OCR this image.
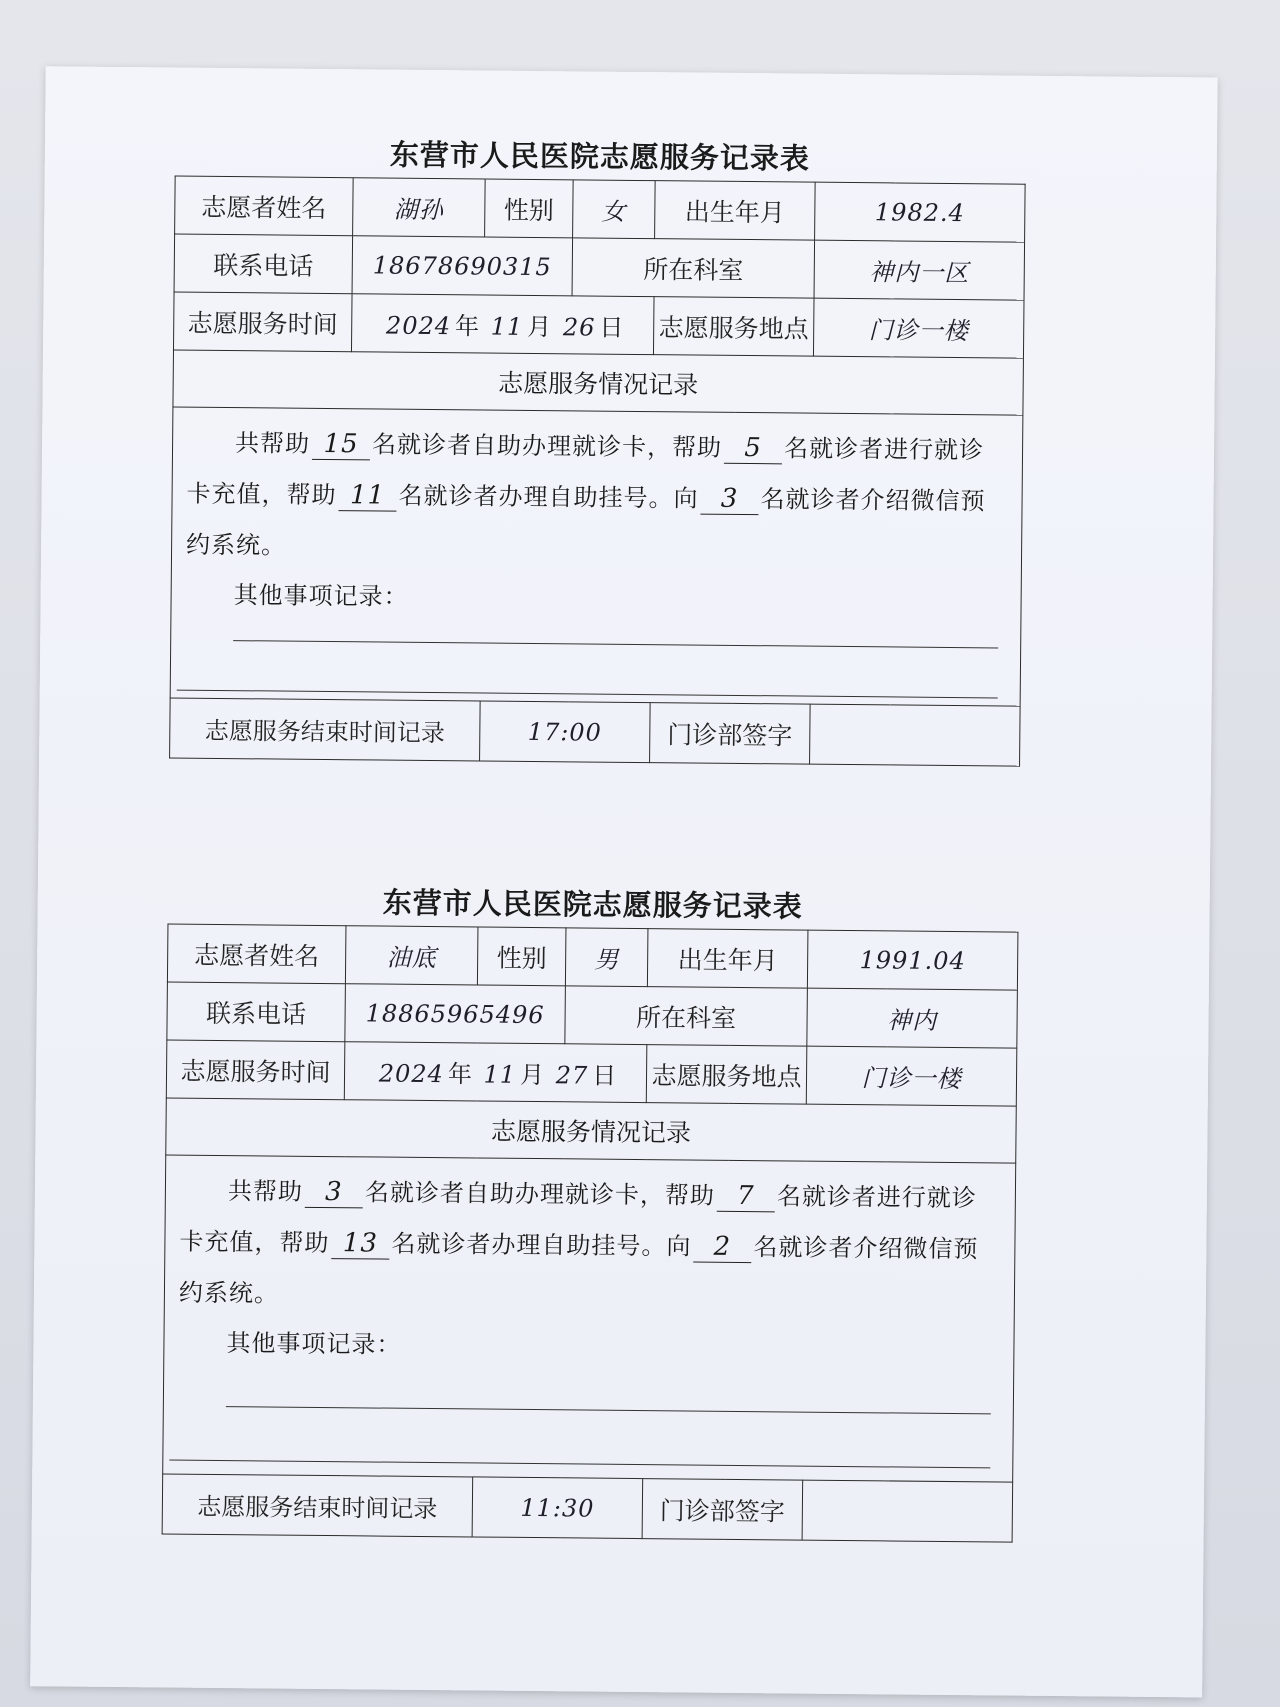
东营市人民医院志愿服务记录表
志愿者姓名	湖孙	性别	女	出生年月	1982.4
联系电话	18678690315		所在科室		神内一区
志愿服务时间	2024 年 11 月 26 日			志愿服务地点	门诊一楼
志愿服务情况记录					

共帮助 15 名就诊者自助办理就诊卡，帮助 5 名就诊者进行就诊卡充值，帮助 11 名就诊者办理自助挂号。向 3 名就诊者介绍微信预约系统。
其他事项记录：					

志愿服务结束时间记录		17:00		门诊部签字	
东营市人民医院志愿服务记录表
志愿者姓名	油底	性别	男	出生年月	1991.04
联系电话	18865965496		所在科室		神内
志愿服务时间	2024 年 11 月 27 日			志愿服务地点	门诊一楼
志愿服务情况记录					

共帮助 3 名就诊者自助办理就诊卡，帮助 7 名就诊者进行就诊卡充值，帮助 13 名就诊者办理自助挂号。向 2 名就诊者介绍微信预约系统。
其他事项记录：					

志愿服务结束时间记录		11:30		门诊部签字	
